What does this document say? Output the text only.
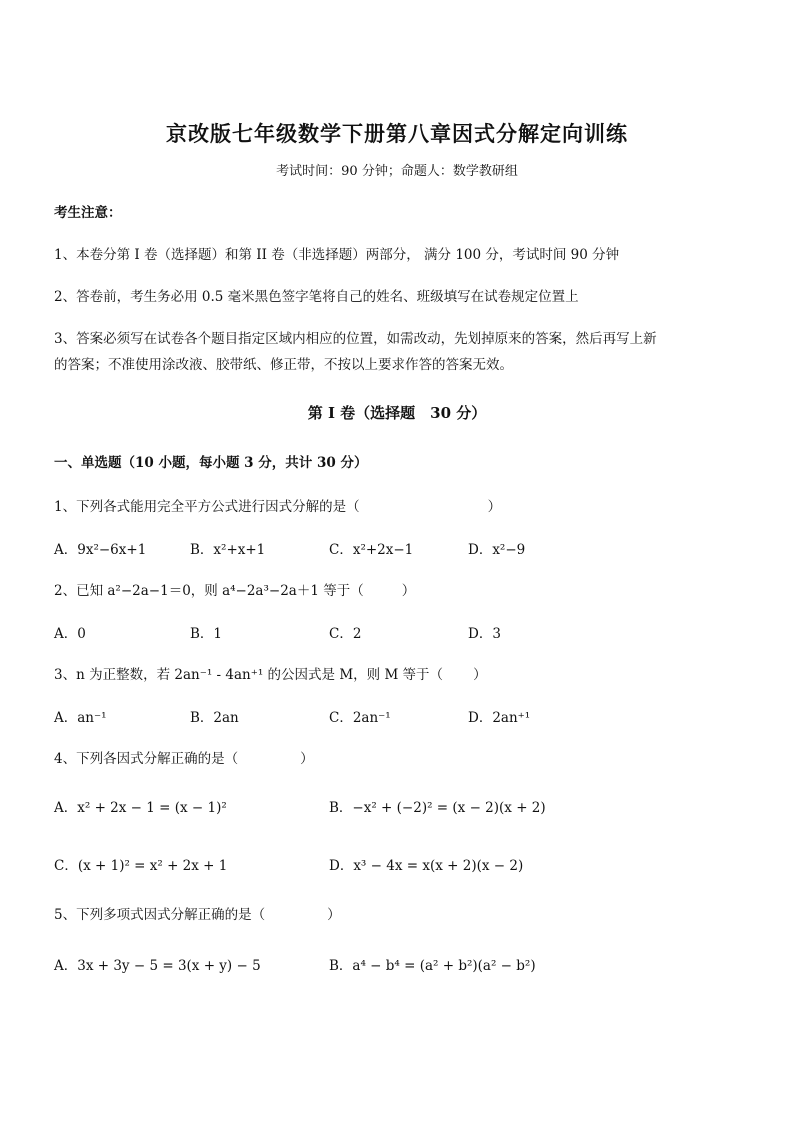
京改版七年级数学下册第八章因式分解定向训练
考试时间：90 分钟；命题人：数学教研组
考生注意：
1、本卷分第 I 卷（选择题）和第 II 卷（非选择题）两部分， 满分 100 分，考试时间 90 分钟
2、答卷前，考生务必用 0.5 毫米黑色签字笔将自己的姓名、班级填写在试卷规定位置上
3、答案必须写在试卷各个题目指定区域内相应的位置，如需改动，先划掉原来的答案，然后再写上新
的答案；不准使用涂改液、胶带纸、修正带，不按以上要求作答的答案无效。
第 I 卷（选择题　30 分）
一、单选题（10 小题，每小题 3 分，共计 30 分）
1、下列各式能用完全平方公式进行因式分解的是（	）
A．9x²−6x+1	B．x²+x+1	C．x²+2x−1	D．x²−9
2、已知 a²−2a−1＝0，则 a⁴−2a³−2a＋1 等于（	）
A．0	B．1	C．2	D．3
3、n 为正整数，若 2an⁻¹ - 4an⁺¹ 的公因式是 M，则 M 等于（ ）
A．an⁻¹	B．2an	C．2an⁻¹	D．2an⁺¹
4、下列各因式分解正确的是（	）
A．x² + 2x − 1 = (x − 1)²	B．−x² + (−2)² = (x − 2)(x + 2)
C．(x + 1)² = x² + 2x + 1	D．x³ − 4x = x(x + 2)(x − 2)
5、下列多项式因式分解正确的是（	）
A．3x + 3y − 5 = 3(x + y) − 5	B．a⁴ − b⁴ = (a² + b²)(a² − b²)
